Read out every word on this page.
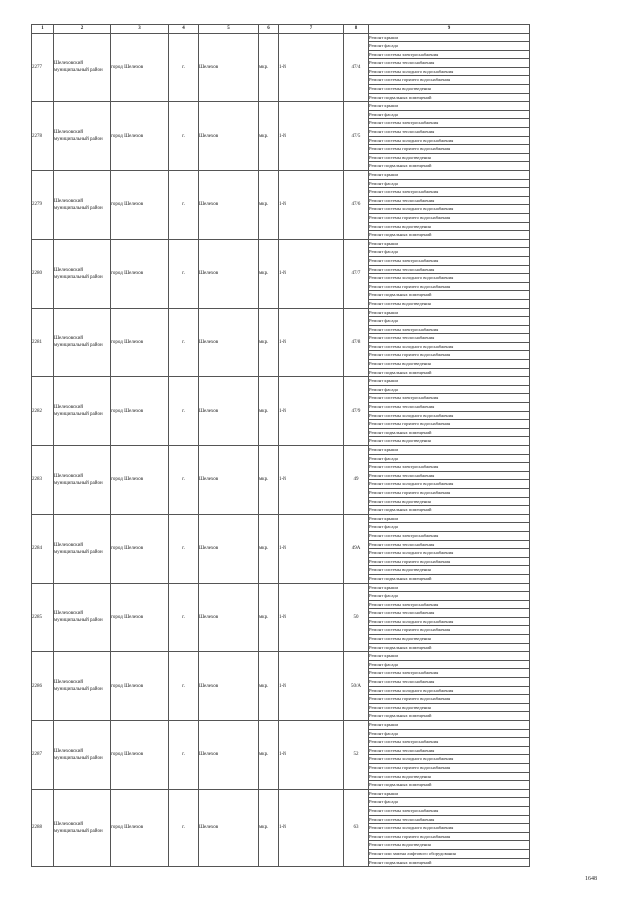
1	2	3	4	5	6	7	8	9
2277	Шелеховский муниципальный район	город Шелехов	г.	Шелехов	мкр.	1-й	47/4	Ремонт крыши
								Ремонт фасада
								Ремонт системы электроснабжения
								Ремонт системы теплоснабжения
								Ремонт системы холодного водоснабжения
								Ремонт системы горячего водоснабжения
								Ремонт системы водоотведения
								Ремонт подвальных помещений
2278	Шелеховский муниципальный район	город Шелехов	г.	Шелехов	мкр.	1-й	47/5	Ремонт крыши
								Ремонт фасада
								Ремонт системы электроснабжения
								Ремонт системы теплоснабжения
								Ремонт системы холодного водоснабжения
								Ремонт системы горячего водоснабжения
								Ремонт системы водоотведения
								Ремонт подвальных помещений
2279	Шелеховский муниципальный район	город Шелехов	г.	Шелехов	мкр.	1-й	47/6	Ремонт крыши
								Ремонт фасада
								Ремонт системы электроснабжения
								Ремонт системы теплоснабжения
								Ремонт системы холодного водоснабжения
								Ремонт системы горячего водоснабжения
								Ремонт системы водоотведения
								Ремонт подвальных помещений
2280	Шелеховский муниципальный район	город Шелехов	г.	Шелехов	мкр.	1-й	47/7	Ремонт крыши
								Ремонт фасада
								Ремонт системы электроснабжения
								Ремонт системы теплоснабжения
								Ремонт системы холодного водоснабжения
								Ремонт системы горячего водоснабжения
								Ремонт подвальных помещений
								Ремонт системы водоотведения
2281	Шелеховский муниципальный район	город Шелехов	г.	Шелехов	мкр.	1-й	47/8	Ремонт крыши
								Ремонт фасада
								Ремонт системы электроснабжения
								Ремонт системы теплоснабжения
								Ремонт системы холодного водоснабжения
								Ремонт системы горячего водоснабжения
								Ремонт системы водоотведения
								Ремонт подвальных помещений
2282	Шелеховский муниципальный район	город Шелехов	г.	Шелехов	мкр.	1-й	47/9	Ремонт крыши
								Ремонт фасада
								Ремонт системы электроснабжения
								Ремонт системы теплоснабжения
								Ремонт системы холодного водоснабжения
								Ремонт системы горячего водоснабжения
								Ремонт подвальных помещений
								Ремонт системы водоотведения
2283	Шелеховский муниципальный район	город Шелехов	г.	Шелехов	мкр.	1-й	49	Ремонт крыши
								Ремонт фасада
								Ремонт системы электроснабжения
								Ремонт системы теплоснабжения
								Ремонт системы холодного водоснабжения
								Ремонт системы горячего водоснабжения
								Ремонт системы водоотведения
								Ремонт подвальных помещений
2284	Шелеховский муниципальный район	город Шелехов	г.	Шелехов	мкр.	1-й	49А	Ремонт крыши
								Ремонт фасада
								Ремонт системы электроснабжения
								Ремонт системы теплоснабжения
								Ремонт системы холодного водоснабжения
								Ремонт системы горячего водоснабжения
								Ремонт системы водоотведения
								Ремонт подвальных помещений
2285	Шелеховский муниципальный район	город Шелехов	г.	Шелехов	мкр.	1-й	50	Ремонт крыши
								Ремонт фасада
								Ремонт системы электроснабжения
								Ремонт системы теплоснабжения
								Ремонт системы холодного водоснабжения
								Ремонт системы горячего водоснабжения
								Ремонт системы водоотведения
								Ремонт подвальных помещений
2286	Шелеховский муниципальный район	город Шелехов	г.	Шелехов	мкр.	1-й	50/А	Ремонт крыши
								Ремонт фасада
								Ремонт системы электроснабжения
								Ремонт системы теплоснабжения
								Ремонт системы холодного водоснабжения
								Ремонт системы горячего водоснабжения
								Ремонт системы водоотведения
								Ремонт подвальных помещений
2287	Шелеховский муниципальный район	город Шелехов	г.	Шелехов	мкр.	1-й	52	Ремонт крыши
								Ремонт фасада
								Ремонт системы электроснабжения
								Ремонт системы теплоснабжения
								Ремонт системы холодного водоснабжения
								Ремонт системы горячего водоснабжения
								Ремонт системы водоотведения
								Ремонт подвальных помещений
2288	Шелеховский муниципальный район	город Шелехов	г.	Шелехов	мкр.	1-й	63	Ремонт крыши
								Ремонт фасада
								Ремонт системы электроснабжения
								Ремонт системы теплоснабжения
								Ремонт системы холодного водоснабжения
								Ремонт системы горячего водоснабжения
								Ремонт системы водоотведения
								Ремонт или замена лифтового оборудования
								Ремонт подвальных помещений
1648
